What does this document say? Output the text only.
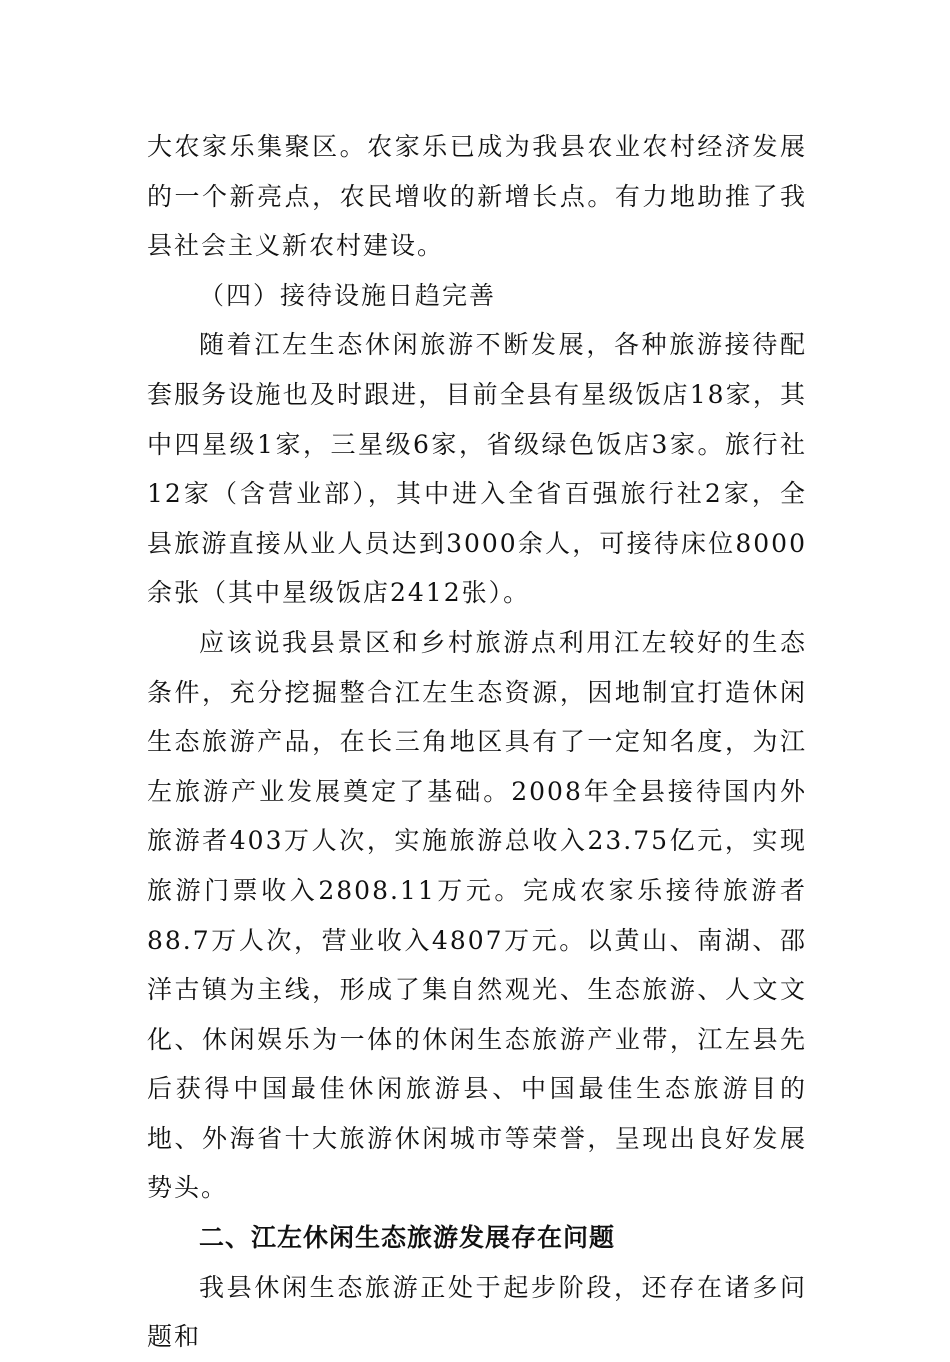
大农家乐集聚区。农家乐已成为我县农业农村经济发展的一个新亮点，农民增收的新增长点。有力地助推了我县社会主义新农村建设。

（四）接待设施日趋完善

随着江左生态休闲旅游不断发展，各种旅游接待配套服务设施也及时跟进，目前全县有星级饭店18家，其中四星级1家，三星级6家，省级绿色饭店3家。旅行社12家（含营业部），其中进入全省百强旅行社2家，全县旅游直接从业人员达到3000余人，可接待床位8000余张（其中星级饭店2412张）。

应该说我县景区和乡村旅游点利用江左较好的生态条件，充分挖掘整合江左生态资源，因地制宜打造休闲生态旅游产品，在长三角地区具有了一定知名度，为江左旅游产业发展奠定了基础。2008年全县接待国内外旅游者403万人次，实施旅游总收入23.75亿元，实现旅游门票收入2808.11万元。完成农家乐接待旅游者88.7万人次，营业收入4807万元。以黄山、南湖、邵洋古镇为主线，形成了集自然观光、生态旅游、人文文化、休闲娱乐为一体的休闲生态旅游产业带，江左县先后获得中国最佳休闲旅游县、中国最佳生态旅游目的地、外海省十大旅游休闲城市等荣誉，呈现出良好发展势头。

二、江左休闲生态旅游发展存在问题

我县休闲生态旅游正处于起步阶段，还存在诸多问题和
